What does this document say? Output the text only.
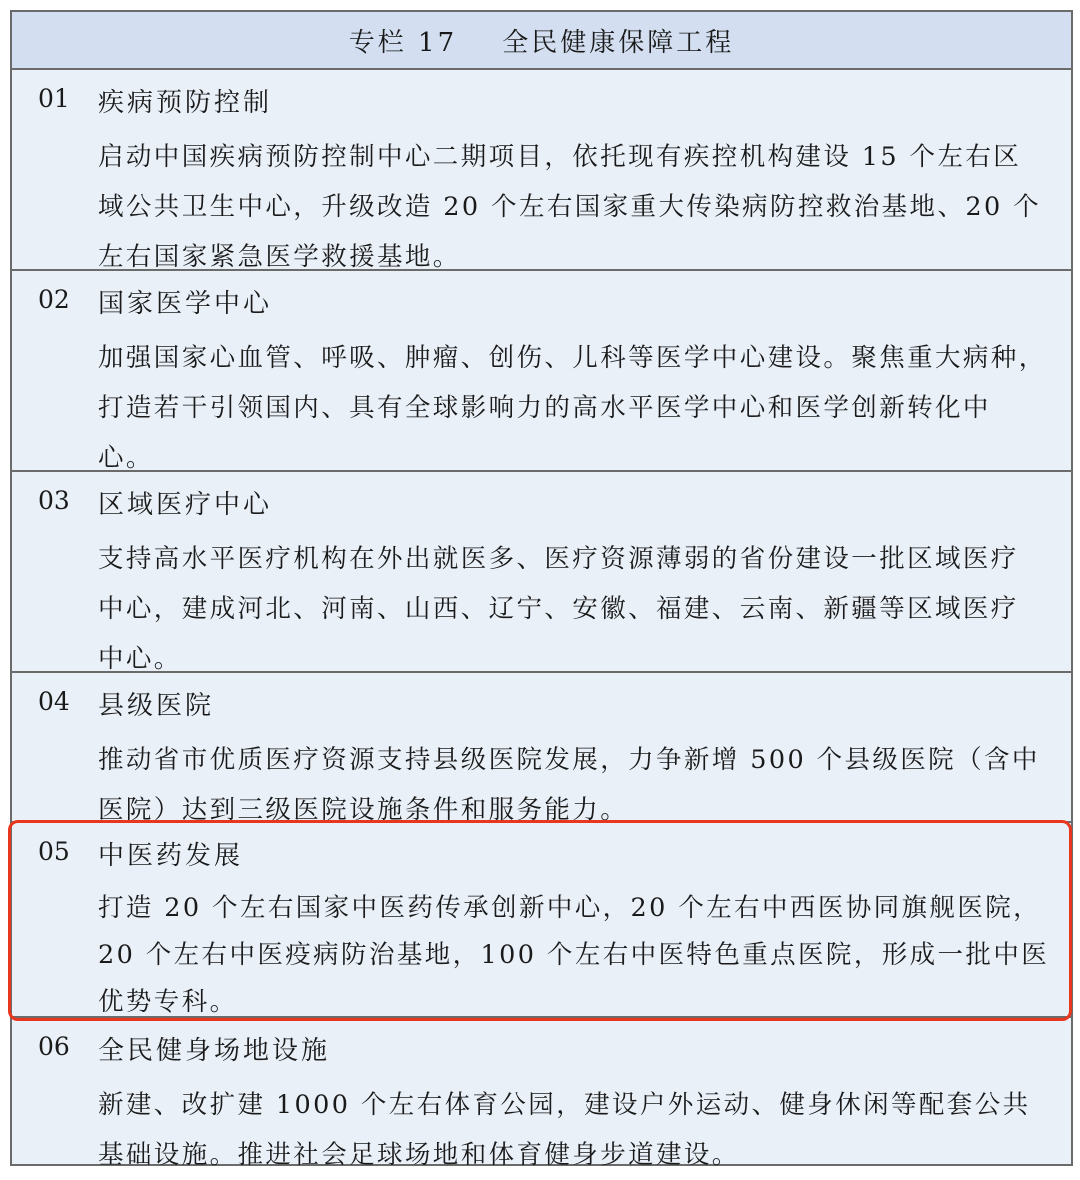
专栏 17
全民健康保障工程
01 疾病预防控制
启动中国疾病预防控制中心二期项目，依托现有疾控机构建设 15 个左右区
域公共卫生中心，升级改造 20 个左右国家重大传染病防控救治基地、20 个
左右国家紧急医学救援基地。
02 国家医学中心
加强国家心血管、呼吸、肿瘤、创伤、儿科等医学中心建设。聚焦重大病种，
打造若干引领国内、具有全球影响力的高水平医学中心和医学创新转化中
心。
03 区域医疗中心
支持高水平医疗机构在外出就医多、医疗资源薄弱的省份建设一批区域医疗
中心，建成河北、河南、山西、辽宁、安徽、福建、云南、新疆等区域医疗
中心。
04 县级医院
推动省市优质医疗资源支持县级医院发展，力争新增 500 个县级医院（含中
医院）达到三级医院设施条件和服务能力。
05 中医药发展
打造 20 个左右国家中医药传承创新中心，20 个左右中西医协同旗舰医院，
20 个左右中医疫病防治基地，100 个左右中医特色重点医院，形成一批中医
优势专科。
06 全民健身场地设施
新建、改扩建 1000 个左右体育公园，建设户外运动、健身休闲等配套公共
基础设施。推进社会足球场地和体育健身步道建设。
